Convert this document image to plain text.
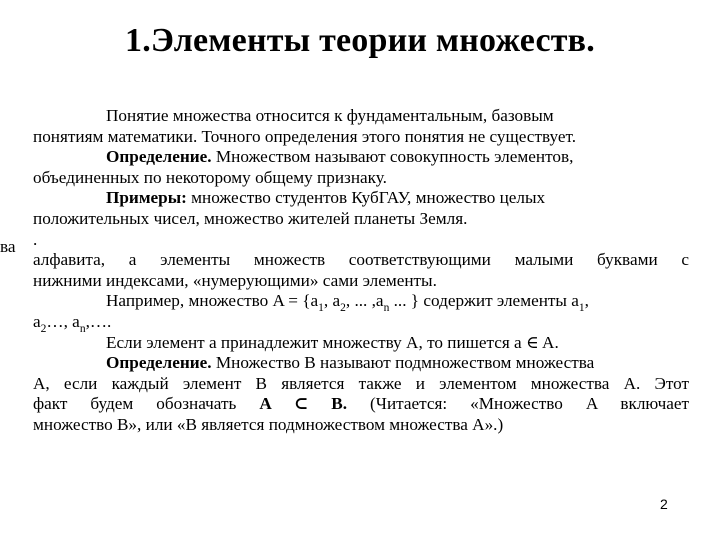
1.Элементы теории множеств.
ва
Понятие множества относится к фундаментальным, базовым
понятиям математики. Точного определения этого понятия не существует.
Определение. Множеством называют совокупность элементов,
объединенных по некоторому общему признаку.
Примеры: множество студентов КубГАУ, множество целых
положительных чисел, множество жителей планеты Земля.
.
алфавита, а элементы множеств соответствующими малыми буквами с
нижними индексами, «нумерующими» сами элементы.
Например, множество $A = \{a_1$, $a_2$, ... $,a_n$ ... } содержит элементы $a_1$,
$a_2\dots$, $a_n,\dots$.
Если элемент a принадлежит множеству A, то пишется a ∈ A.
Определение. Множество B называют подмножеством множества
A, если каждый элемент B является также и элементом множества A. Этот
факт будем обозначать A ⊂ B. (Читается: «Множество A включает
множество B», или «B является подмножеством множества A».)
2
